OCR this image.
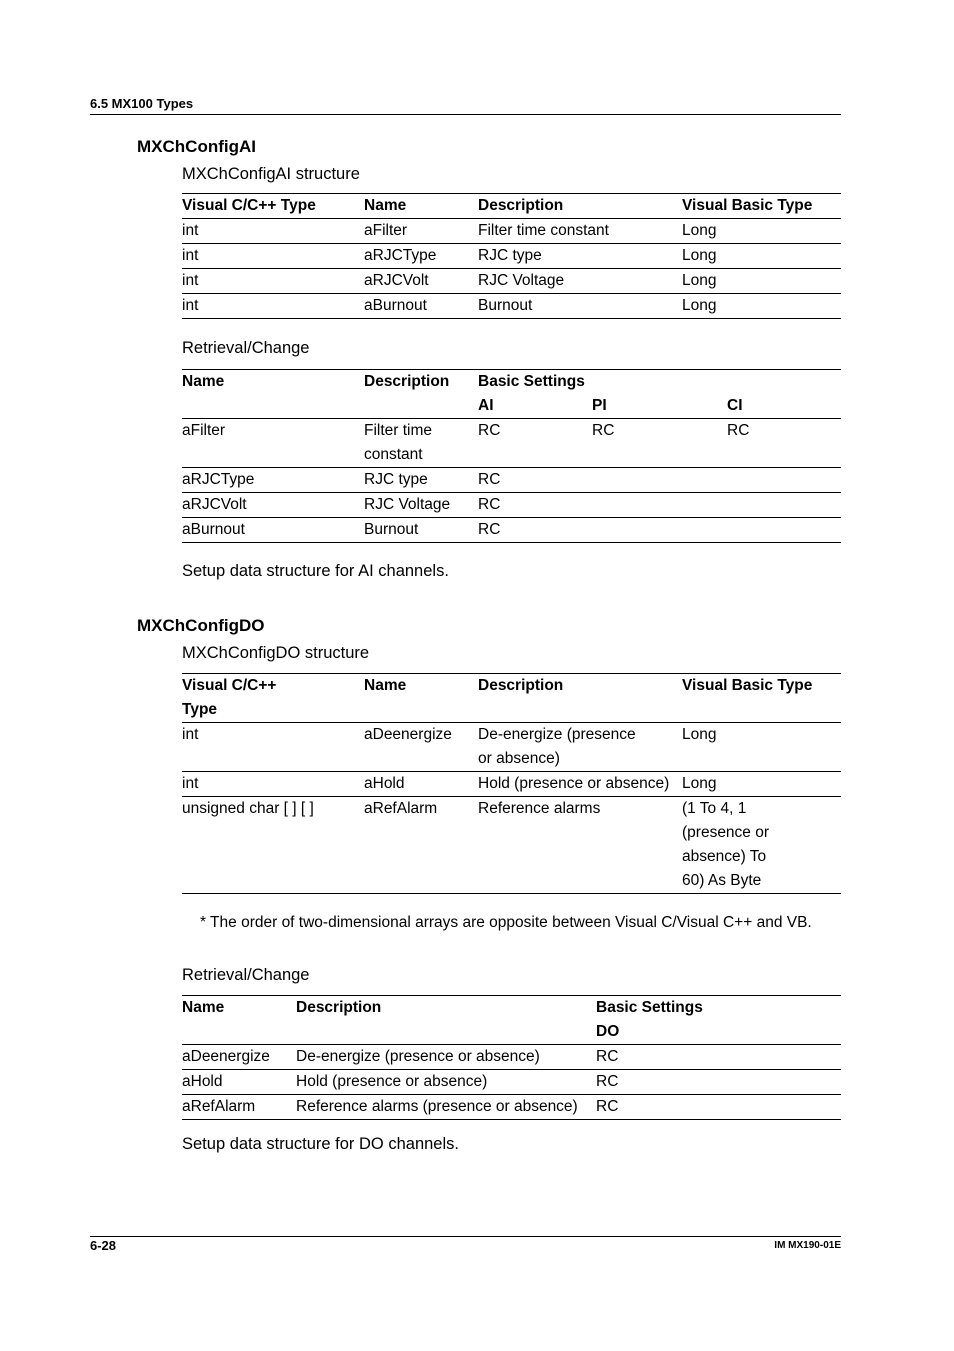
6.5 MX100 Types
MXChConfigAI
MXChConfigAI structure
Visual C/C++ Type	Name	Description	Visual Basic Type
int	aFilter	Filter time constant	Long
int	aRJCType	RJC type	Long
int	aRJCVolt	RJC Voltage	Long
int	aBurnout	Burnout	Long
Retrieval/Change
Name	Description	Basic Settings		
		AI	PI	CI
aFilter	Filter time constant	RC	RC	RC
aRJCType	RJC type	RC		
aRJCVolt	RJC Voltage	RC		
aBurnout	Burnout	RC		
Setup data structure for AI channels.
MXChConfigDO
MXChConfigDO structure
Visual C/C++ Type	Name	Description	Visual Basic Type
int	aDeenergize	De-energize (presence or absence)	Long
int	aHold	Hold (presence or absence)	Long
unsigned char [ ] [ ]	aRefAlarm	Reference alarms	(1 To 4, 1 (presence or absence) To 60) As Byte
* The order of two-dimensional arrays are opposite between Visual C/Visual C++ and VB.
Retrieval/Change
Name	Description	Basic Settings
		DO
aDeenergize	De-energize (presence or absence)	RC
aHold	Hold (presence or absence)	RC
aRefAlarm	Reference alarms (presence or absence)	RC
Setup data structure for DO channels.
6-28	IM MX190-01E
